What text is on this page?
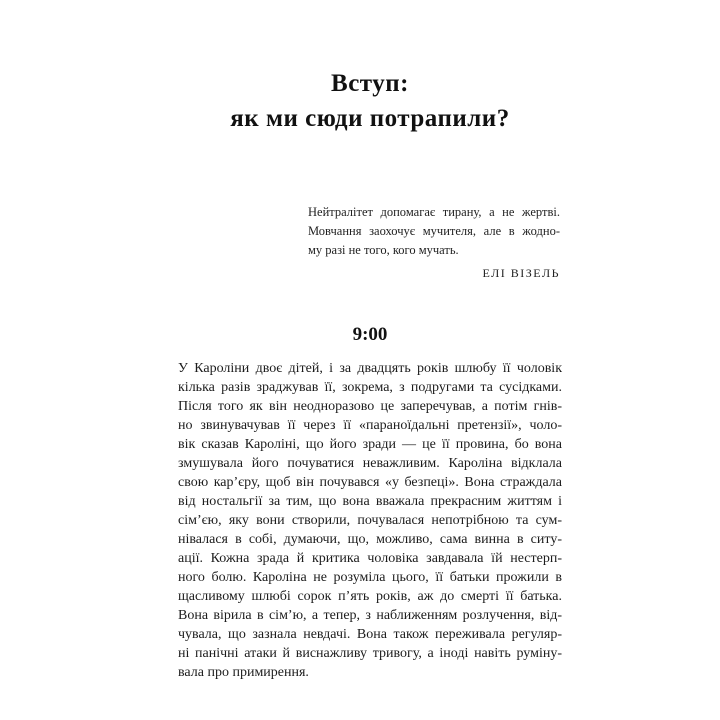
Вступ:
як ми сюди потрапили?
Нейтралітет допомагає тирану, а не жертві.
Мовчання заохочує мучителя, але в жодно-
му разі не того, кого мучать.
ЕЛІ ВІЗЕЛЬ
9:00
У Кароліни двоє дітей, і за двадцять років шлюбу її чоловік
кілька разів зраджував її, зокрема, з подругами та сусідками.
Після того як він неодноразово це заперечував, а потім гнів-
но звинувачував її через її «параноїдальні претензії», чоло-
вік сказав Кароліні, що його зради — це її провина, бо вона
змушувала його почуватися неважливим. Кароліна відклала
свою кар’єру, щоб він почувався «у безпеці». Вона страждала
від ностальгії за тим, що вона вважала прекрасним життям і
сім’єю, яку вони створили, почувалася непотрібною та сум-
нівалася в собі, думаючи, що, можливо, сама винна в ситу-
ації. Кожна зрада й критика чоловіка завдавала їй нестерп-
ного болю. Кароліна не розуміла цього, її батьки прожили в
щасливому шлюбі сорок п’ять років, аж до смерті її батька.
Вона вірила в сім’ю, а тепер, з наближенням розлучення, від-
чувала, що зазнала невдачі. Вона також переживала регуляр-
ні панічні атаки й виснажливу тривогу, а іноді навіть руміну-
вала про примирення.
